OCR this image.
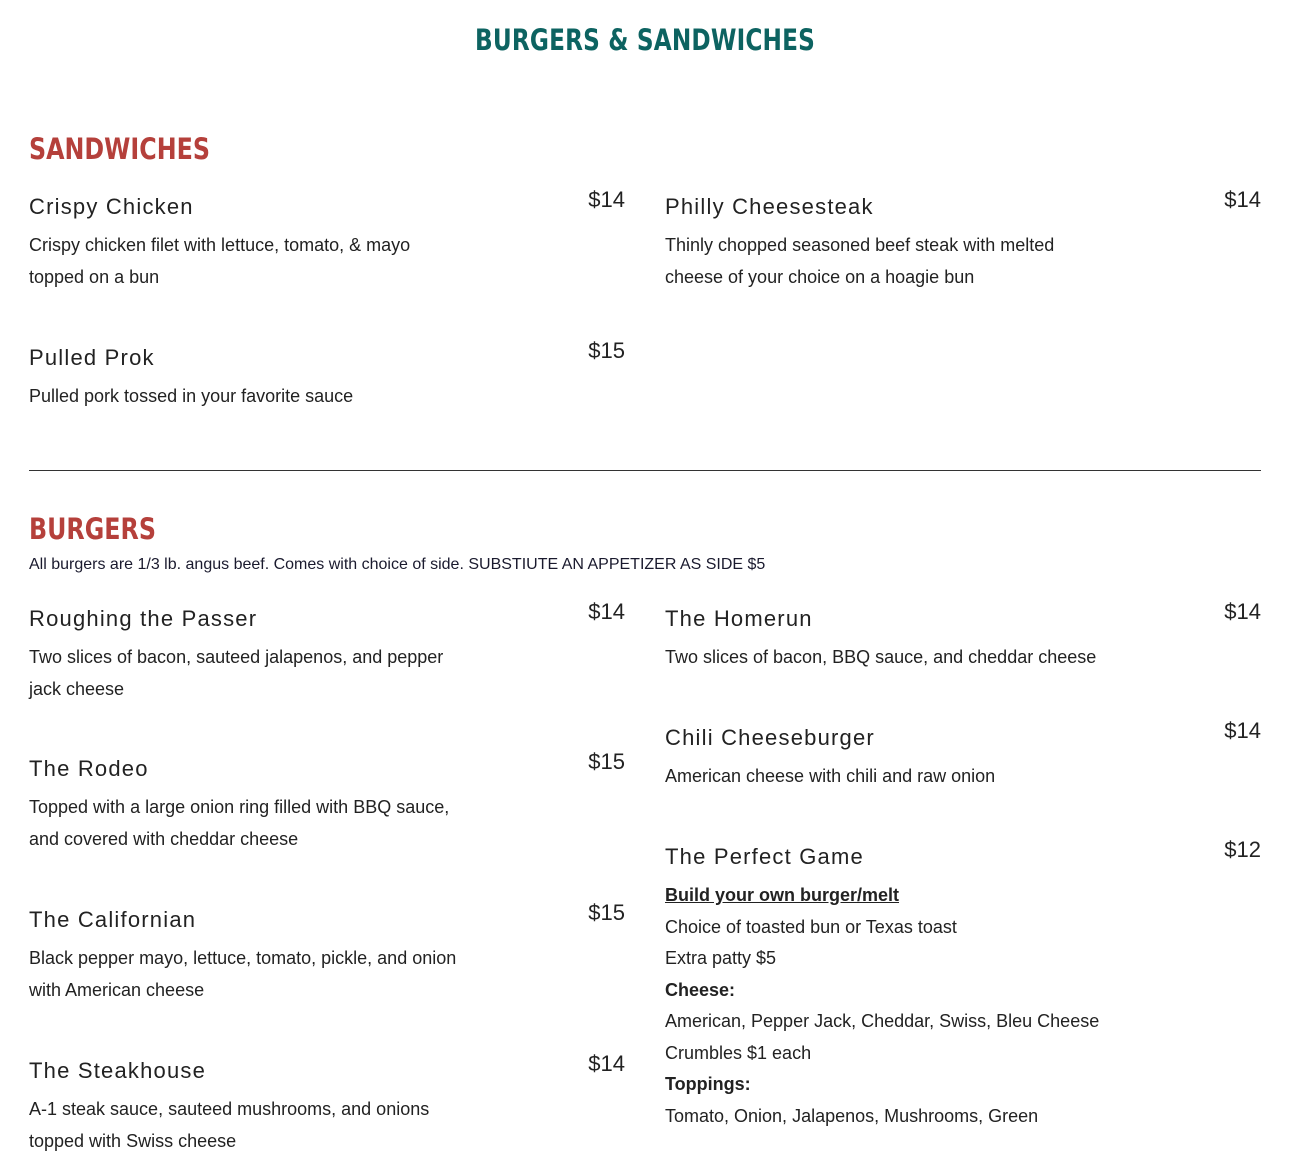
BURGERS & SANDWICHES
SANDWICHES
Crispy Chicken	$14
Crispy chicken filet with lettuce, tomato, & mayo topped on a bun
Philly Cheesesteak	$14
Thinly chopped seasoned beef steak with melted cheese of your choice on a hoagie bun
Pulled Prok	$15
Pulled pork tossed in your favorite sauce
BURGERS

All burgers are 1/3 lb. angus beef. Comes with choice of side. SUBSTIUTE AN APPETIZER AS SIDE $5

Roughing the Passer	$14
Two slices of bacon, sauteed jalapenos, and pepper jack cheese
The Homerun	$14
Two slices of bacon, BBQ sauce, and cheddar cheese
The Rodeo	$15
Topped with a large onion ring filled with BBQ sauce, and covered with cheddar cheese
Chili Cheeseburger	$14
American cheese with chili and raw onion
The Californian	$15
Black pepper mayo, lettuce, tomato, pickle, and onion with American cheese
The Perfect Game	$12

Build your own burger/melt

Choice of toasted bun or Texas toast

Extra patty $5

Cheese:

American, Pepper Jack, Cheddar, Swiss, Bleu Cheese Crumbles $1 each

Toppings:

Tomato, Onion, Jalapenos, Mushrooms, Green

The Steakhouse	$14
A-1 steak sauce, sauteed mushrooms, and onions topped with Swiss cheese
